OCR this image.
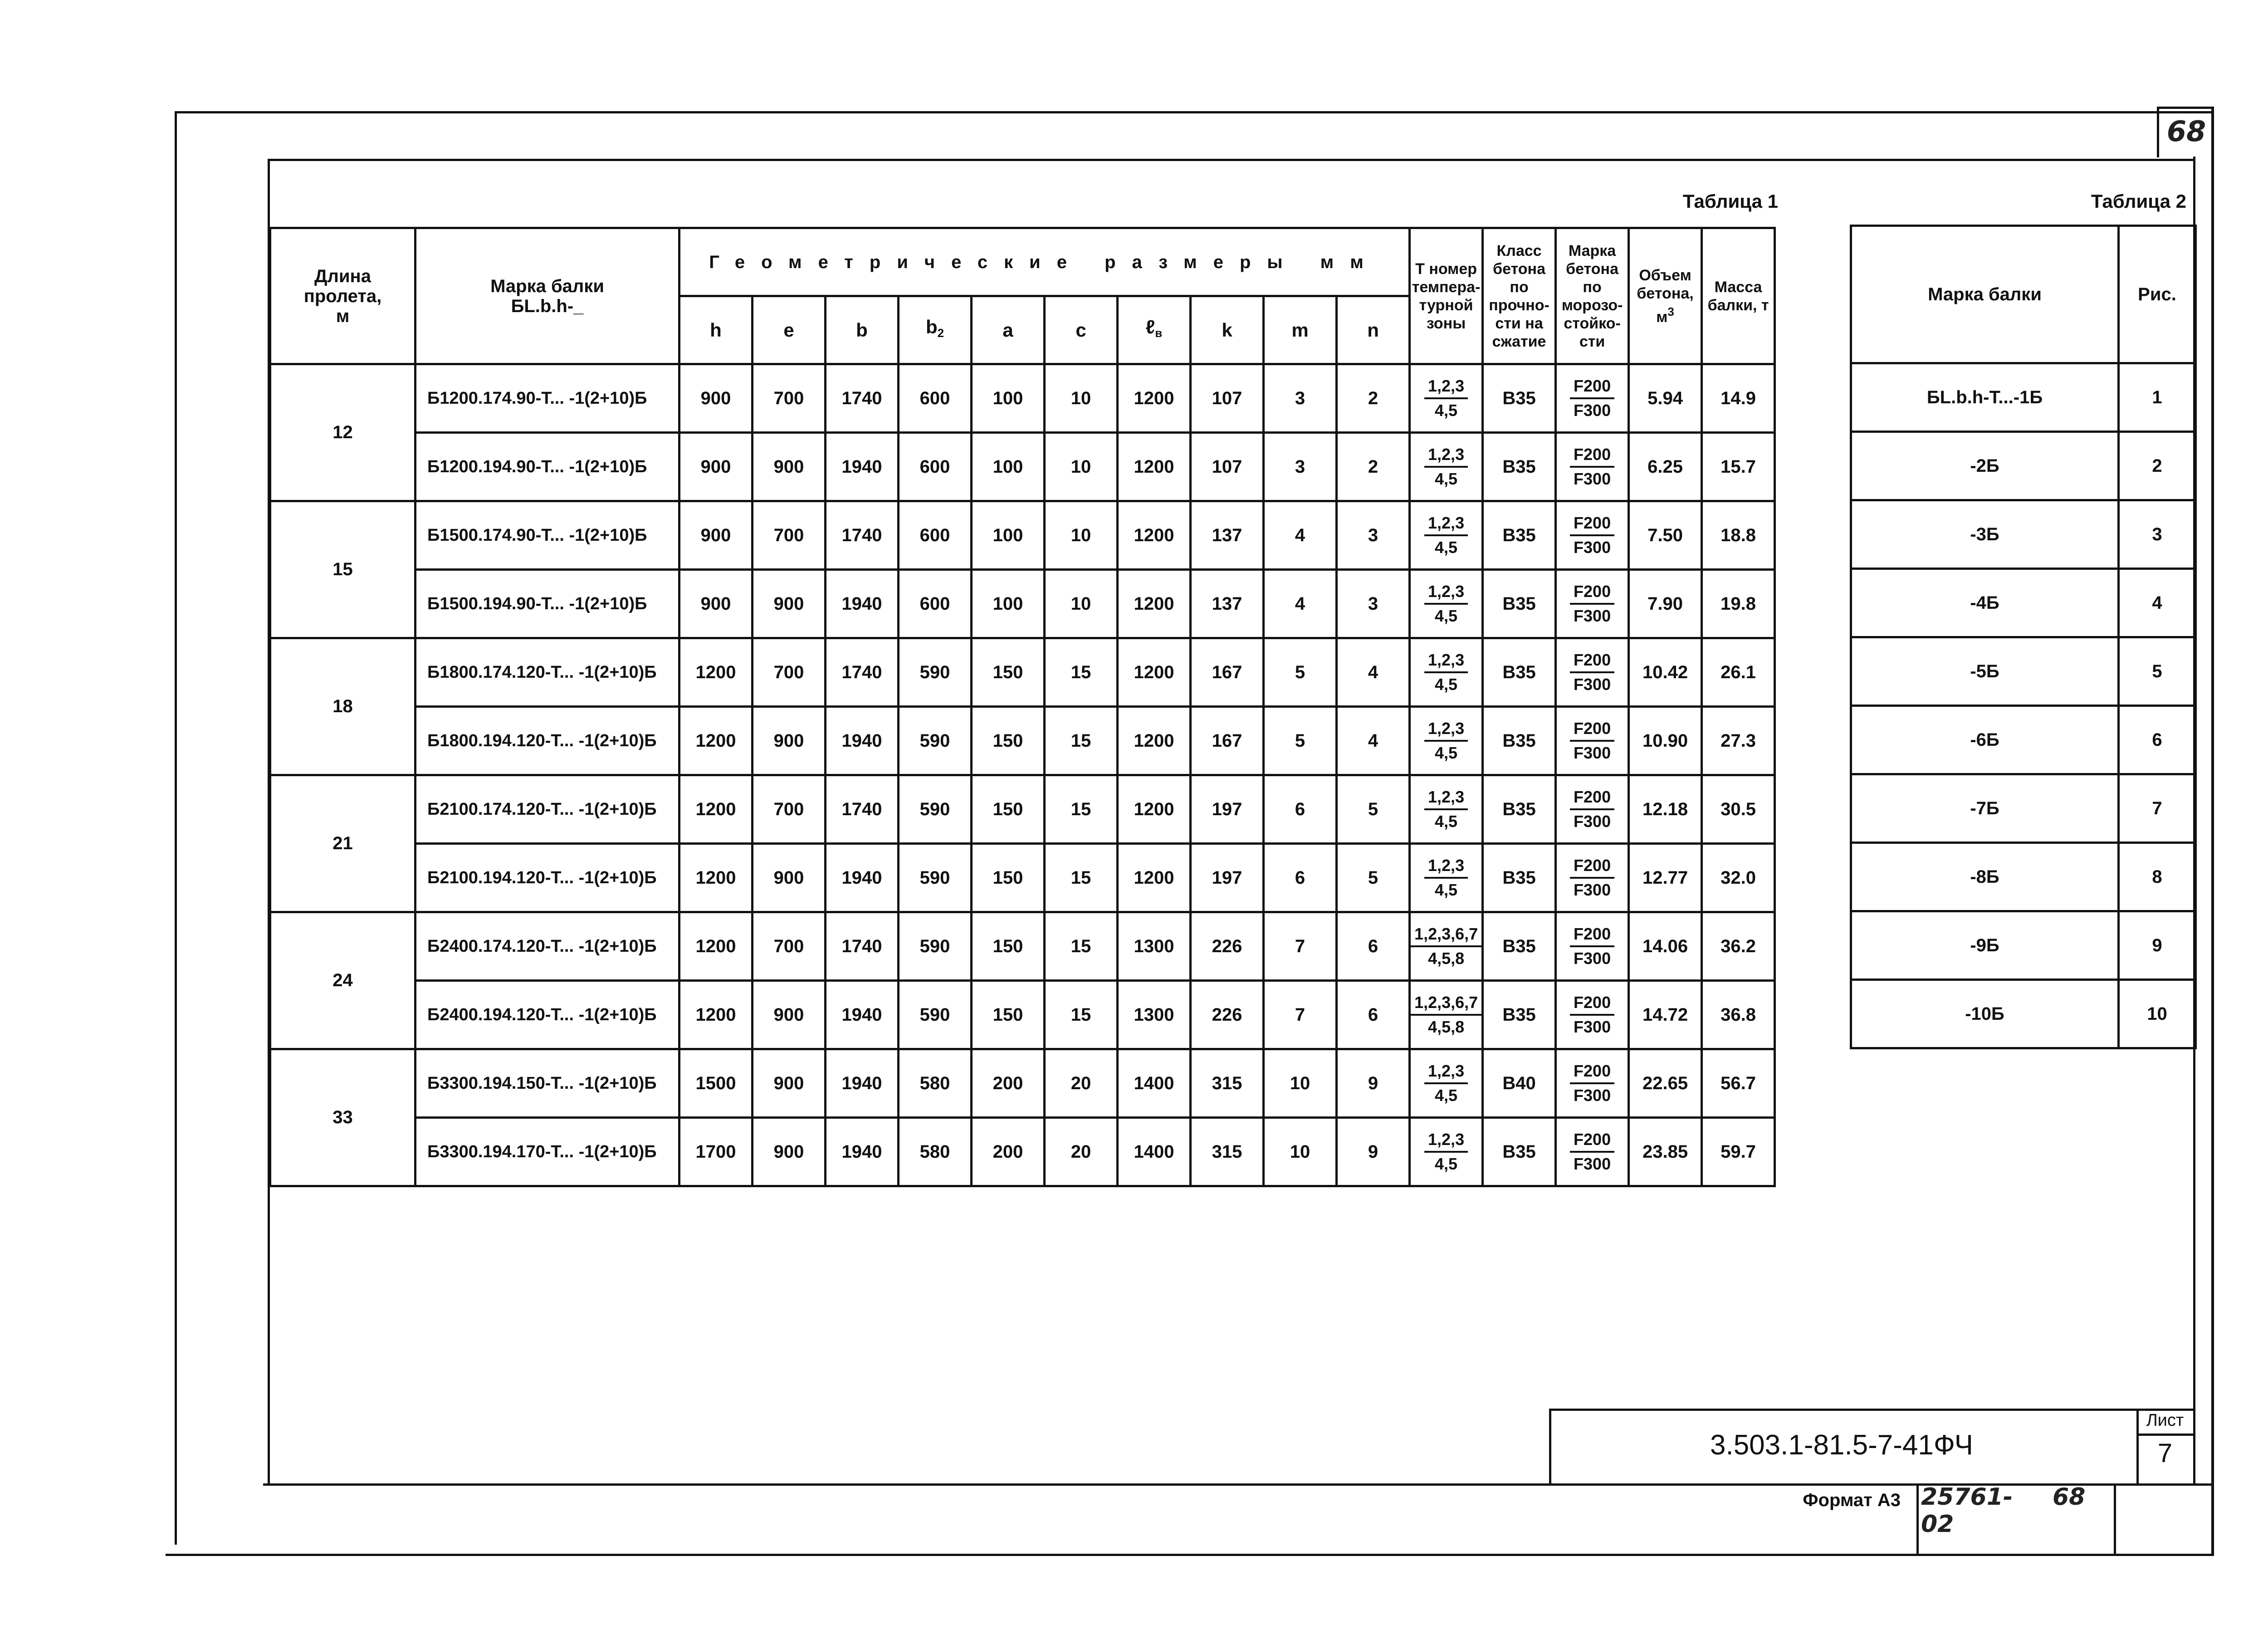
68
Таблица 1	Таблица 2
Длина пролета, м	Марка балки БL.b.h-_	Геометрические размеры мм										Т номер темпера-турной зоны	Класс бетона по прочно-сти на сжатие	Марка бетона по морозо-стойко-сти	Объем бетона, $м^3$	Масса балки, т
		h	e	b	$b_2$	a	c	ℓ$_в$	k	m	n					
12	Б1200.174.90-Т... -1(2+10)Б	900	700	1740	600	100	10	1200	107	3	2	$\frac{1,2,3}{4,5}$	В35	$\frac{F200}{F300}$	5.94	14.9
	Б1200.194.90-Т... -1(2+10)Б	900	900	1940	600	100	10	1200	107	3	2	$\frac{1,2,3}{4,5}$	В35	$\frac{F200}{F300}$	6.25	15.7
15	Б1500.174.90-Т... -1(2+10)Б	900	700	1740	600	100	10	1200	137	4	3	$\frac{1,2,3}{4,5}$	В35	$\frac{F200}{F300}$	7.50	18.8
	Б1500.194.90-Т... -1(2+10)Б	900	900	1940	600	100	10	1200	137	4	3	$\frac{1,2,3}{4,5}$	В35	$\frac{F200}{F300}$	7.90	19.8
18	Б1800.174.120-Т... -1(2+10)Б	1200	700	1740	590	150	15	1200	167	5	4	$\frac{1,2,3}{4,5}$	В35	$\frac{F200}{F300}$	10.42	26.1
	Б1800.194.120-Т... -1(2+10)Б	1200	900	1940	590	150	15	1200	167	5	4	$\frac{1,2,3}{4,5}$	В35	$\frac{F200}{F300}$	10.90	27.3
21	Б2100.174.120-Т... -1(2+10)Б	1200	700	1740	590	150	15	1200	197	6	5	$\frac{1,2,3}{4,5}$	В35	$\frac{F200}{F300}$	12.18	30.5
	Б2100.194.120-Т... -1(2+10)Б	1200	900	1940	590	150	15	1200	197	6	5	$\frac{1,2,3}{4,5}$	В35	$\frac{F200}{F300}$	12.77	32.0
24	Б2400.174.120-Т... -1(2+10)Б	1200	700	1740	590	150	15	1300	226	7	6	$\frac{1,2,3,6,7}{4,5,8}$	В35	$\frac{F200}{F300}$	14.06	36.2
	Б2400.194.120-Т... -1(2+10)Б	1200	900	1940	590	150	15	1300	226	7	6	$\frac{1,2,3,6,7}{4,5,8}$	В35	$\frac{F200}{F300}$	14.72	36.8
33	Б3300.194.150-Т... -1(2+10)Б	1500	900	1940	580	200	20	1400	315	10	9	$\frac{1,2,3}{4,5}$	В40	$\frac{F200}{F300}$	22.65	56.7
	Б3300.194.170-Т... -1(2+10)Б	1700	900	1940	580	200	20	1400	315	10	9	$\frac{1,2,3}{4,5}$	В35	$\frac{F200}{F300}$	23.85	59.7
Марка балки	Рис.
БL.b.h-Т...-1Б	1
-2Б	2
-3Б	3
-4Б	4
-5Б	5
-6Б	6
-7Б	7
-8Б	8
-9Б	9
-10Б	10
3.503.1-81.5-7-41ФЧ
Лист
7
Формат А3 25761-02
68
